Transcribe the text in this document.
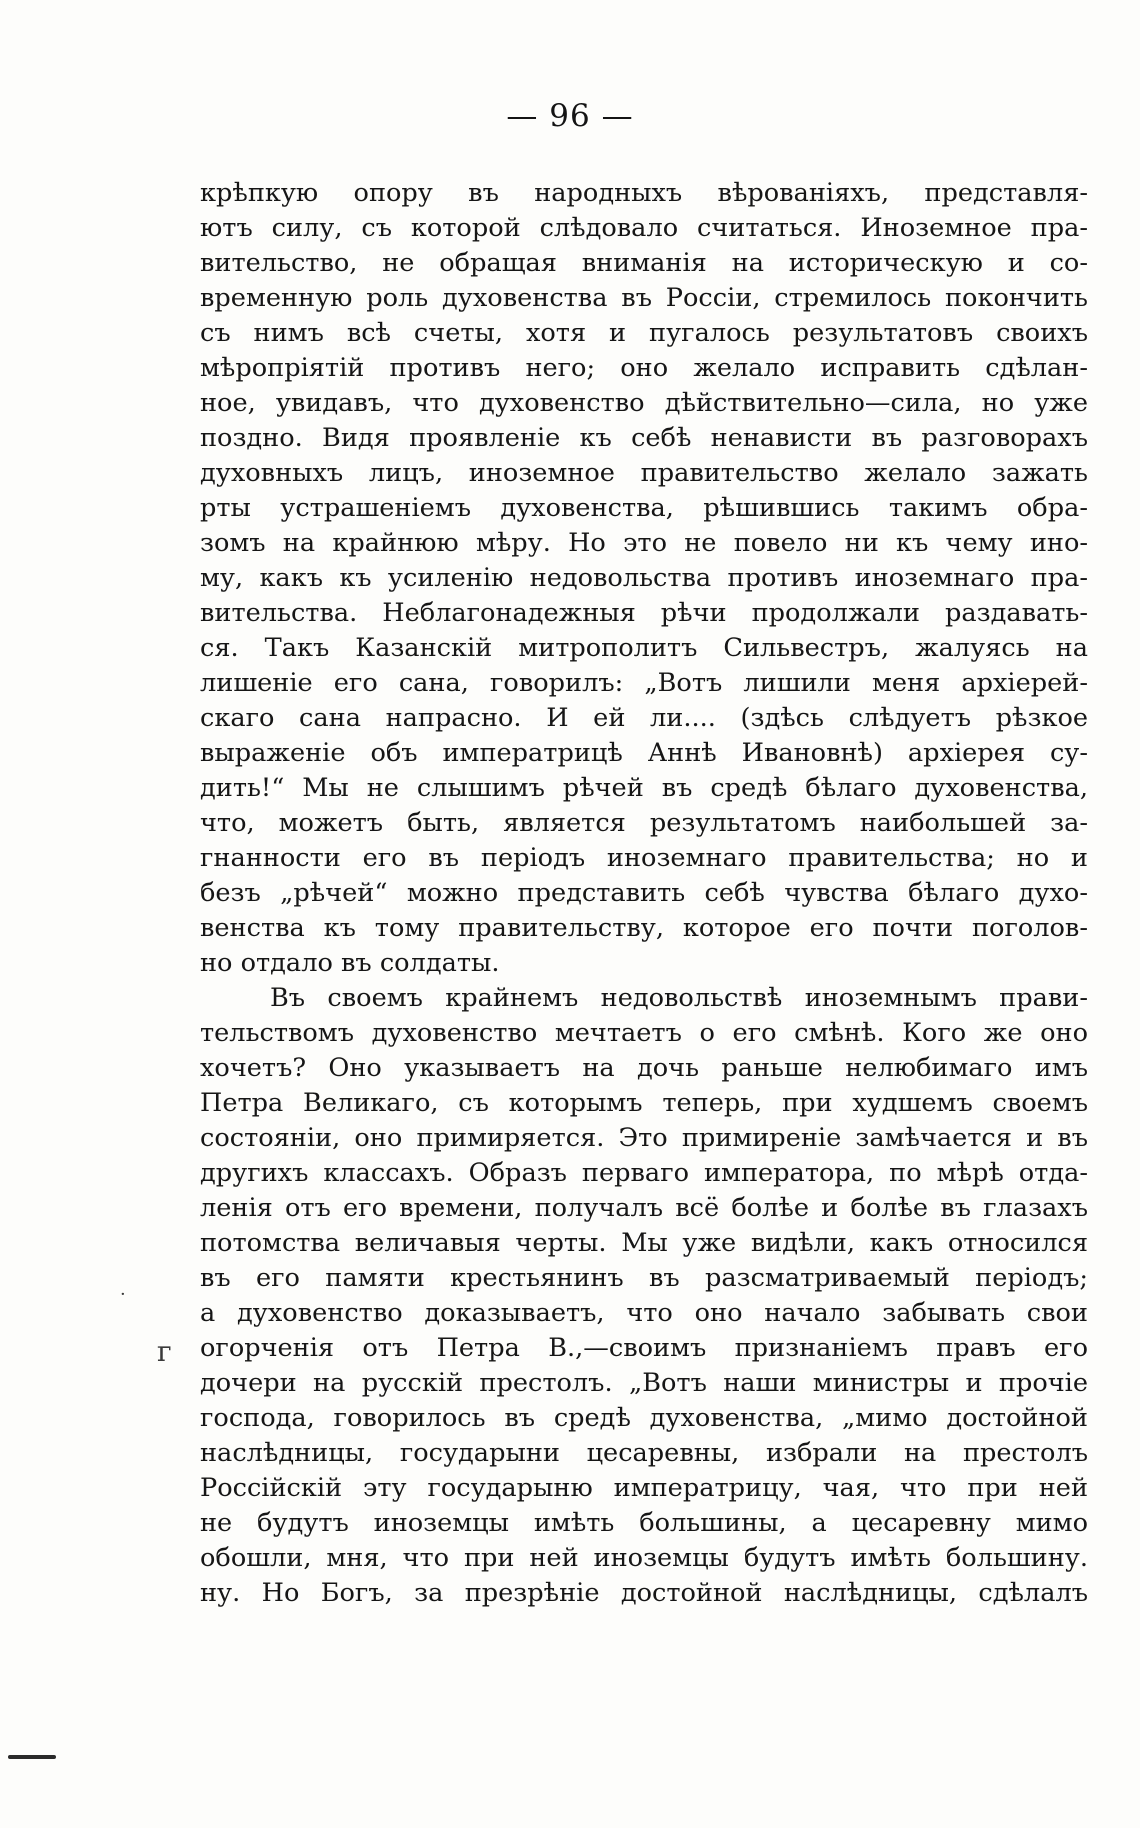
— 96 —
крѣпкую опору въ народныхъ вѣрованіяхъ, представля-
ютъ силу, съ которой слѣдовало считаться. Иноземное пра-
вительство, не обращая вниманія на историческую и со-
временную роль духовенства въ Россіи, стремилось покончить
съ нимъ всѣ счеты, хотя и пугалось результатовъ своихъ
мѣропріятій противъ него; оно желало исправить сдѣлан-
ное, увидавъ, что духовенство дѣйствительно—сила, но уже
поздно. Видя проявленіе къ себѣ ненависти въ разговорахъ
духовныхъ лицъ, иноземное правительство желало зажать
рты устрашеніемъ духовенства, рѣшившись такимъ обра-
зомъ на крайнюю мѣру. Но это не повело ни къ чему ино-
му, какъ къ усиленію недовольства противъ иноземнаго пра-
вительства. Неблагонадежныя рѣчи продолжали раздавать-
ся. Такъ Казанскій митрополитъ Сильвестръ, жалуясь на
лишеніе его сана, говорилъ: „Вотъ лишили меня архіерей-
скаго сана напрасно. И ей ли.... (здѣсь слѣдуетъ рѣзкое
выраженіе объ императрицѣ Аннѣ Ивановнѣ) архіерея су-
дить!“ Мы не слышимъ рѣчей въ средѣ бѣлаго духовенства,
что, можетъ быть, является результатомъ наибольшей за-
гнанности его въ періодъ иноземнаго правительства; но и
безъ „рѣчей“ можно представить себѣ чувства бѣлаго духо-
венства къ тому правительству, которое его почти поголов-
но отдало въ солдаты.
Въ своемъ крайнемъ недовольствѣ иноземнымъ прави-
тельствомъ духовенство мечтаетъ о его смѣнѣ. Кого же оно
хочетъ? Оно указываетъ на дочь раньше нелюбимаго имъ
Петра Великаго, съ которымъ теперь, при худшемъ своемъ
состояніи, оно примиряется. Это примиреніе замѣчается и въ
другихъ классахъ. Образъ перваго императора, по мѣрѣ отда-
ленія отъ его времени, получалъ всё болѣе и болѣе въ глазахъ
потомства величавыя черты. Мы уже видѣли, какъ относился
въ его памяти крестьянинъ въ разсматриваемый періодъ;
а духовенство доказываетъ, что оно начало забывать свои
огорченія отъ Петра В.,—своимъ признаніемъ правъ его
дочери на русскій престолъ. „Вотъ наши министры и прочіе
господа, говорилось въ средѣ духовенства, „мимо достойной
наслѣдницы, государыни цесаревны, избрали на престолъ
Россійскій эту государыню императрицу, чая, что при ней
не будутъ иноземцы имѣть большины, а цесаревну мимо
обошли, мня, что при ней иноземцы будутъ имѣть большину.
ну. Но Богъ, за презрѣніе достойной наслѣдницы, сдѣлалъ
·
г
